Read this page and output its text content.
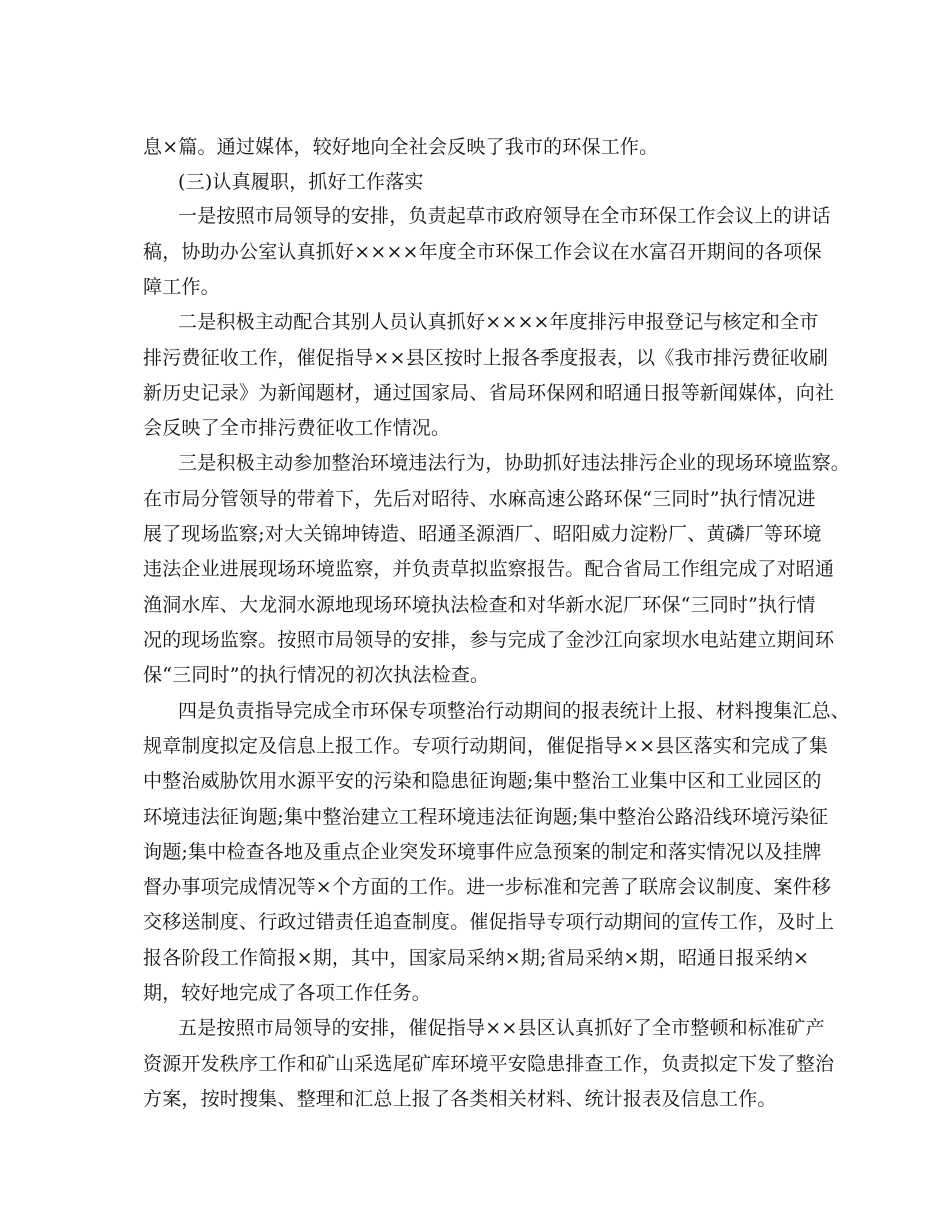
息×篇。通过媒体，较好地向全社会反映了我市的环保工作。

(三)认真履职，抓好工作落实

一是按照市局领导的安排，负责起草市政府领导在全市环保工作会议上的讲话

稿，协助办公室认真抓好××××年度全市环保工作会议在水富召开期间的各项保

障工作。

二是积极主动配合其别人员认真抓好××××年度排污申报登记与核定和全市

排污费征收工作，催促指导××县区按时上报各季度报表，以《我市排污费征收刷

新历史记录》为新闻题材，通过国家局、省局环保网和昭通日报等新闻媒体，向社

会反映了全市排污费征收工作情况。

三是积极主动参加整治环境违法行为，协助抓好违法排污企业的现场环境监察。

在市局分管领导的带着下，先后对昭待、水麻高速公路环保“三同时”执行情况进

展了现场监察;对大关锦坤铸造、昭通圣源酒厂、昭阳威力淀粉厂、黄磷厂等环境

违法企业进展现场环境监察，并负责草拟监察报告。配合省局工作组完成了对昭通

渔洞水库、大龙洞水源地现场环境执法检查和对华新水泥厂环保“三同时”执行情

况的现场监察。按照市局领导的安排，参与完成了金沙江向家坝水电站建立期间环

保“三同时”的执行情况的初次执法检查。

四是负责指导完成全市环保专项整治行动期间的报表统计上报、材料搜集汇总、

规章制度拟定及信息上报工作。专项行动期间，催促指导××县区落实和完成了集

中整治威胁饮用水源平安的污染和隐患征询题;集中整治工业集中区和工业园区的

环境违法征询题;集中整治建立工程环境违法征询题;集中整治公路沿线环境污染征

询题;集中检查各地及重点企业突发环境事件应急预案的制定和落实情况以及挂牌

督办事项完成情况等×个方面的工作。进一步标准和完善了联席会议制度、案件移

交移送制度、行政过错责任追查制度。催促指导专项行动期间的宣传工作，及时上

报各阶段工作简报×期，其中，国家局采纳×期;省局采纳×期，昭通日报采纳×

期，较好地完成了各项工作任务。

五是按照市局领导的安排，催促指导××县区认真抓好了全市整顿和标准矿产

资源开发秩序工作和矿山采选尾矿库环境平安隐患排查工作，负责拟定下发了整治

方案，按时搜集、整理和汇总上报了各类相关材料、统计报表及信息工作。
